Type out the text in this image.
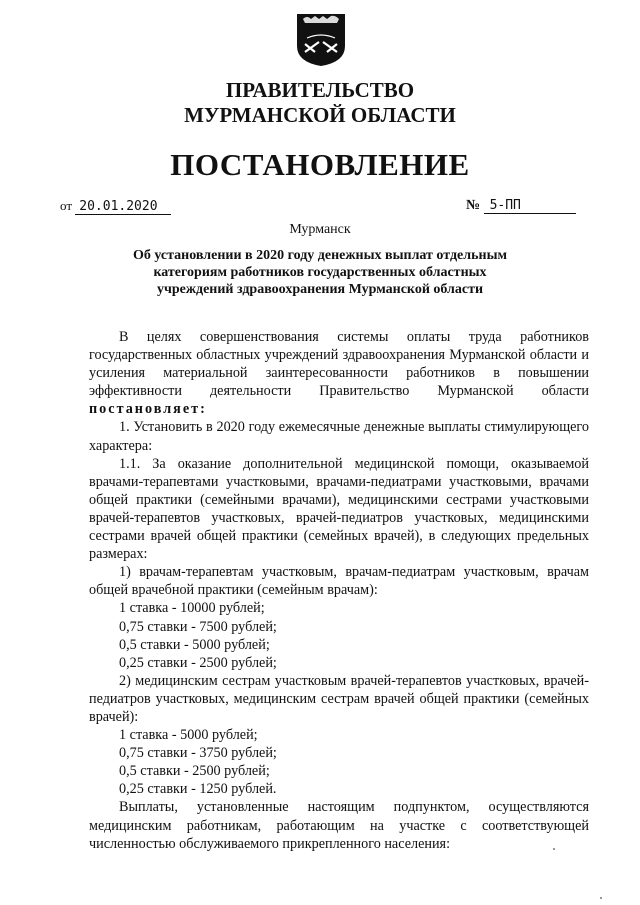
ПРАВИТЕЛЬСТВО
МУРМАНСКОЙ ОБЛАСТИ
ПОСТАНОВЛЕНИЕ
от 20.01.2020	№ 5-ПП
Мурманск
Об установлении в 2020 году денежных выплат отдельным
категориям работников государственных областных
учреждений здравоохранения Мурманской области

В целях совершенствования системы оплаты труда работников государственных областных учреждений здравоохранения Мурманской области и усиления материальной заинтересованности работников в повышении эффективности деятельности Правительство Мурманской области постановляет:

1. Установить в 2020 году ежемесячные денежные выплаты стимулирующего характера:

1.1. За оказание дополнительной медицинской помощи, оказываемой врачами-терапевтами участковыми, врачами-педиатрами участковыми, врачами общей практики (семейными врачами), медицинскими сестрами участковыми врачей-терапевтов участковых, врачей-педиатров участковых, медицинскими сестрами врачей общей практики (семейных врачей), в следующих предельных размерах:

1) врачам-терапевтам участковым, врачам-педиатрам участковым, врачам общей врачебной практики (семейным врачам):

1 ставка - 10000 рублей;

0,75 ставки - 7500 рублей;

0,5 ставки - 5000 рублей;

0,25 ставки - 2500 рублей;

2) медицинским сестрам участковым врачей-терапевтов участковых, врачей-педиатров участковых, медицинским сестрам врачей общей практики (семейных врачей):

1 ставка - 5000 рублей;

0,75 ставки - 3750 рублей;

0,5 ставки - 2500 рублей;

0,25 ставки - 1250 рублей.

Выплаты, установленные настоящим подпунктом, осуществляются медицинским работникам, работающим на участке с соответствующей численностью обслуживаемого прикрепленного населения:
